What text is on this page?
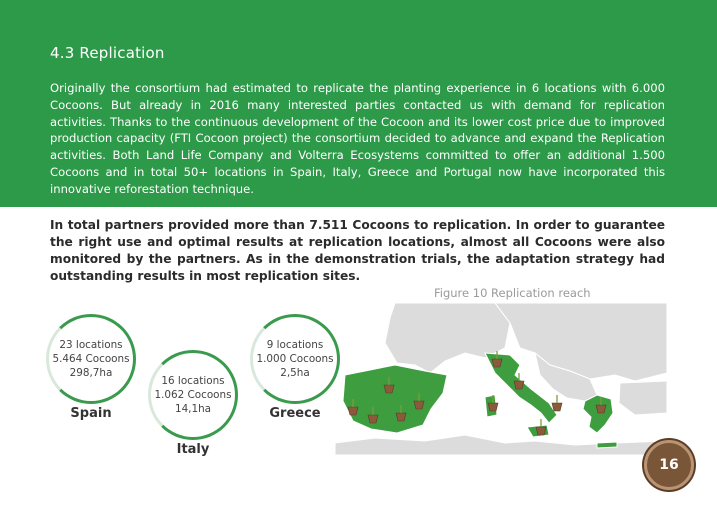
4.3 Replication

Originally the consortium had estimated to replicate the planting experience in 6 locations with 6.000 Cocoons. But already in 2016 many interested parties contacted us with demand for replication activities. Thanks to the continuous development of the Cocoon and its lower cost price due to improved production capacity (FTI Cocoon project) the consortium decided to advance and expand the Replication activities. Both Land Life Company and Volterra Ecosystems committed to offer an additional 1.500 Cocoons and in total 50+ locations in Spain, Italy, Greece and Portugal now have incorporated this innovative reforestation technique.

In total partners provided more than 7.511 Cocoons to replication. In order to guarantee the right use and optimal results at replication locations, almost all Cocoons were also monitored by the partners. As in the demonstration trials, the adaptation strategy had outstanding results in most replication sites.

Figure 10 Replication reach
23 locations
5.464 Cocoons
298,7ha
Spain
16 locations
1.062 Cocoons
14,1ha
Italy
9 locations
1.000 Cocoons
2,5ha
Greece
16
